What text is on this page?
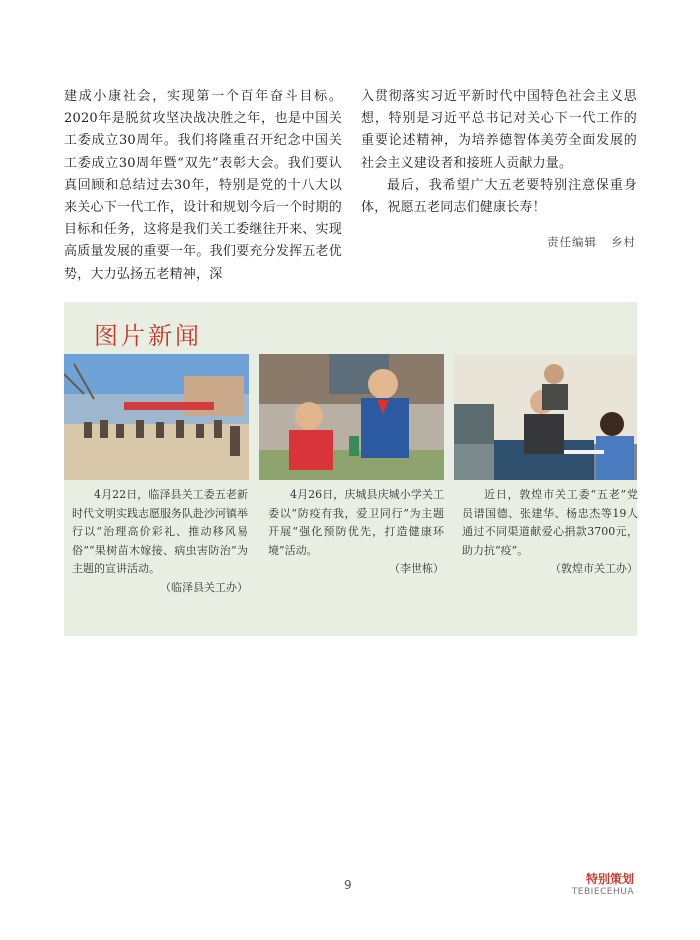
建成小康社会，实现第一个百年奋斗目标。2020年是脱贫攻坚决战决胜之年，也是中国关工委成立30周年。我们将隆重召开纪念中国关工委成立30周年暨“双先”表彰大会。我们要认真回顾和总结过去30年，特别是党的十八大以来关心下一代工作，设计和规划今后一个时期的目标和任务，这将是我们关工委继往开来、实现高质量发展的重要一年。我们要充分发挥五老优势，大力弘扬五老精神，深

入贯彻落实习近平新时代中国特色社会主义思想，特别是习近平总书记对关心下一代工作的重要论述精神，为培养德智体美劳全面发展的社会主义建设者和接班人贡献力量。

最后，我希望广大五老要特别注意保重身体，祝愿五老同志们健康长寿！

责任编辑 乡村
图片新闻

4月22日，临泽县关工委五老新时代文明实践志愿服务队赴沙河镇举行以“治理高价彩礼、推动移风易俗”“果树苗木嫁接、病虫害防治”为主题的宣讲活动。

（临泽县关工办）

4月26日，庆城县庆城小学关工委以“防疫有我，爱卫同行”为主题开展“强化预防优先，打造健康环境”活动。

（李世栋）

近日，敦煌市关工委“五老”党员谱国德、张建华、杨忠杰等19人通过不同渠道献爱心捐款3700元，助力抗“疫”。

（敦煌市关工办）
9	特别策划
TEBIECEHUA
